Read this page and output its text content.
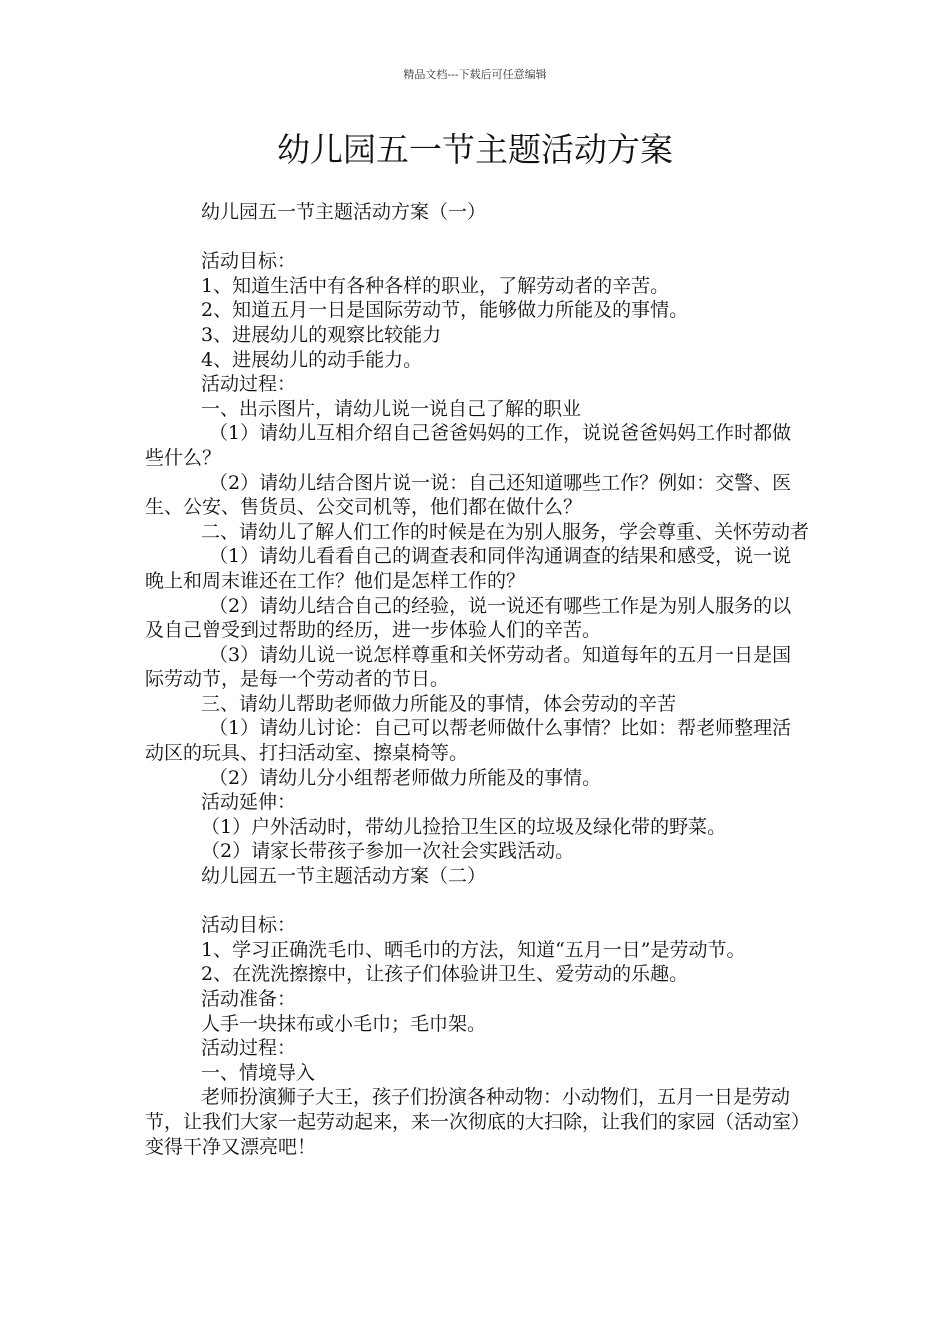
精品文档---下载后可任意编辑
幼儿园五一节主题活动方案

幼儿园五一节主题活动方案（一）

活动目标：

1、知道生活中有各种各样的职业，了解劳动者的辛苦。

2、知道五月一日是国际劳动节，能够做力所能及的事情。

3、进展幼儿的观察比较能力

4、进展幼儿的动手能力。

活动过程：

一、出示图片，请幼儿说一说自己了解的职业

（1）请幼儿互相介绍自己爸爸妈妈的工作，说说爸爸妈妈工作时都做些什么？

（2）请幼儿结合图片说一说：自己还知道哪些工作？例如：交警、医生、公安、售货员、公交司机等，他们都在做什么？

二、请幼儿了解人们工作的时候是在为别人服务，学会尊重、关怀劳动者

（1）请幼儿看看自己的调查表和同伴沟通调查的结果和感受，说一说晚上和周末谁还在工作？他们是怎样工作的？

（2）请幼儿结合自己的经验，说一说还有哪些工作是为别人服务的以及自己曾受到过帮助的经历，进一步体验人们的辛苦。

（3）请幼儿说一说怎样尊重和关怀劳动者。知道每年的五月一日是国际劳动节，是每一个劳动者的节日。

三、请幼儿帮助老师做力所能及的事情，体会劳动的辛苦

（1）请幼儿讨论：自己可以帮老师做什么事情？比如：帮老师整理活动区的玩具、打扫活动室、擦桌椅等。

（2）请幼儿分小组帮老师做力所能及的事情。

活动延伸：

（1）户外活动时，带幼儿捡拾卫生区的垃圾及绿化带的野菜。

（2）请家长带孩子参加一次社会实践活动。

幼儿园五一节主题活动方案（二）

活动目标：

1、学习正确洗毛巾、晒毛巾的方法，知道“五月一日”是劳动节。

2、在洗洗擦擦中，让孩子们体验讲卫生、爱劳动的乐趣。

活动准备：

人手一块抹布或小毛巾；毛巾架。

活动过程：

一、情境导入

老师扮演狮子大王，孩子们扮演各种动物：小动物们，五月一日是劳动节，让我们大家一起劳动起来，来一次彻底的大扫除，让我们的家园（活动室）变得干净又漂亮吧！
